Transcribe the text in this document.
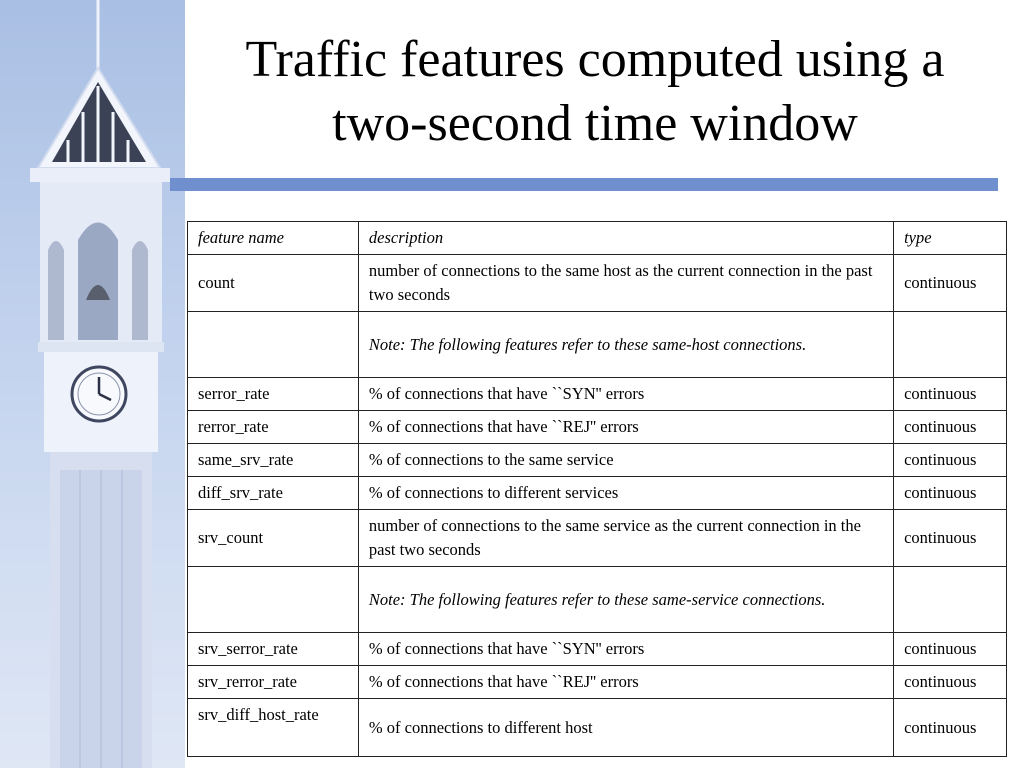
Traffic features computed using a
two-second time window
feature name	description	type
count	number of connections to the same host as the current connection in the past two seconds	continuous
	Note: The following features refer to these same-host connections.	
serror_rate	% of connections that have ``SYN'' errors	continuous
rerror_rate	% of connections that have ``REJ'' errors	continuous
same_srv_rate	% of connections to the same service	continuous
diff_srv_rate	% of connections to different services	continuous
srv_count	number of connections to the same service as the current connection in the past two seconds	continuous
	Note: The following features refer to these same-service connections.	
srv_serror_rate	% of connections that have ``SYN'' errors	continuous
srv_rerror_rate	% of connections that have ``REJ'' errors	continuous
srv_diff_host_rate	% of connections to different host	continuous
